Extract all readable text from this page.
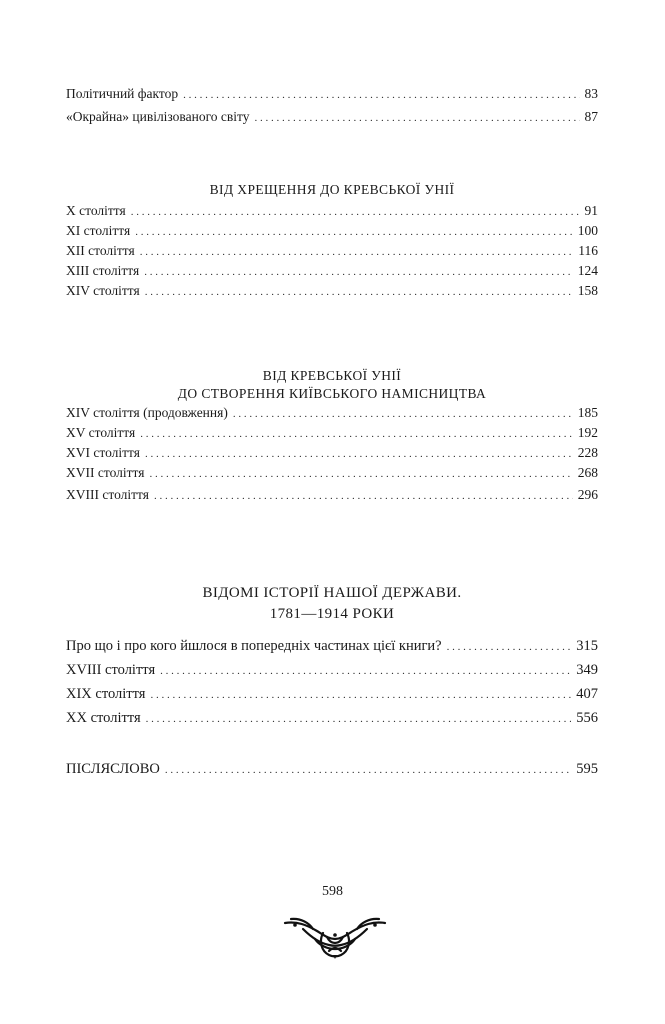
Політичний фактор . . .	83
«Окрайна» цивілізованого світу . . .	87
ВІД ХРЕЩЕННЯ ДО КРЕВСЬКОЇ УНІЇ
Х століття . . .	91
ХІ століття . . .	100
ХІІ століття . . .	116
ХІІІ століття . . .	124
ХІV століття . . .	158
ВІД КРЕВСЬКОЇ УНІЇ
ДО СТВОРЕННЯ КИЇВСЬКОГО НАМІСНИЦТВА
ХІV століття (продовження) . . .	185
ХV століття . . .	192
ХVІ століття . . .	228
ХVІІ століття . . .	268
ХVІІІ століття . . .	296
ВІДОМІ ІСТОРІЇ НАШОЇ ДЕРЖАВИ.
1781—1914 РОКИ
Про що і про кого йшлося в попередніх частинах цієї книги? . . .	315
ХVІІІ століття . . .	349
ХІХ століття . . .	407
ХХ століття . . .	556
ПІСЛЯСЛОВО . . .	595
598
